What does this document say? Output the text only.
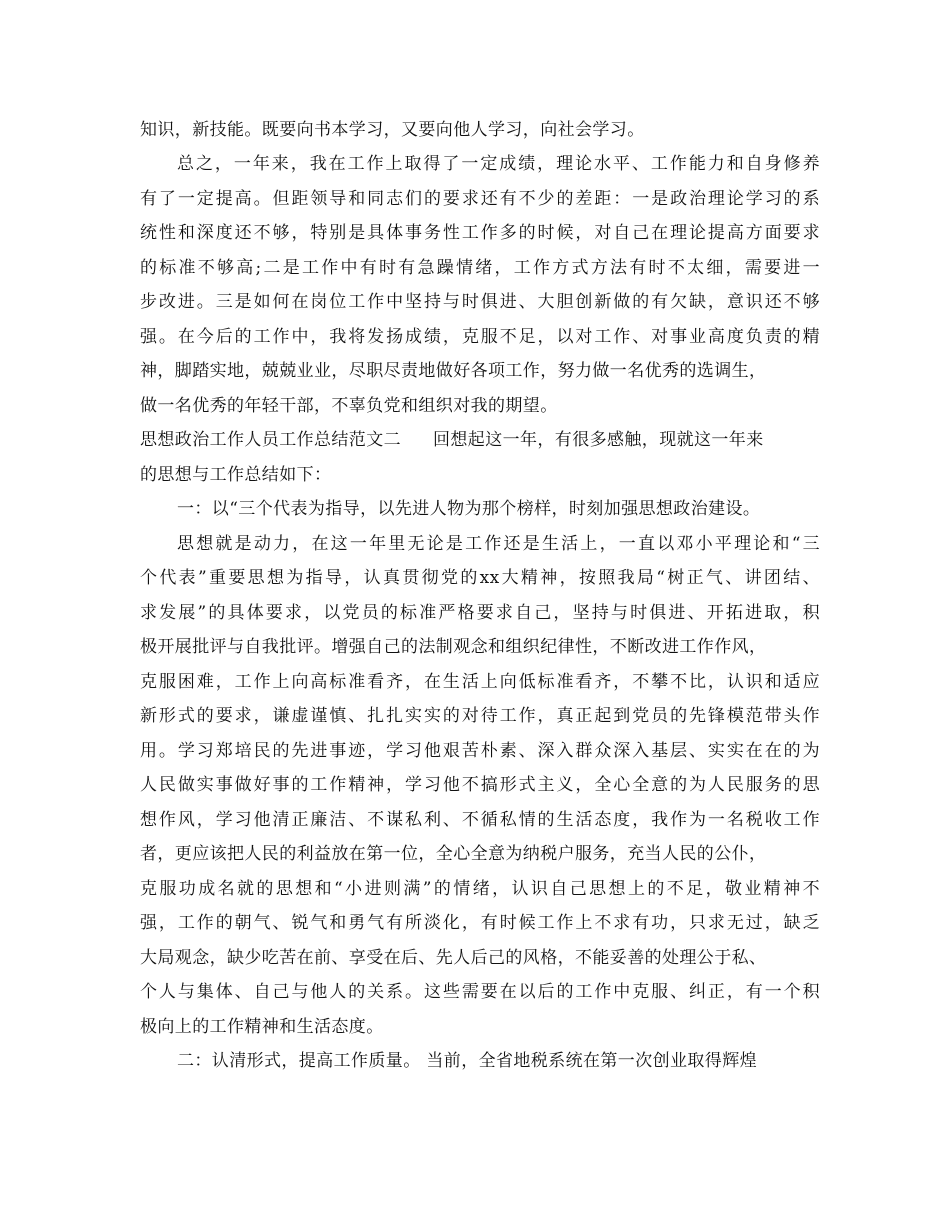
知识，新技能。既要向书本学习，又要向他人学习，向社会学习。

总之，一年来，我在工作上取得了一定成绩，理论水平、工作能力和自身修养

有了一定提高。但距领导和同志们的要求还有不少的差距：一是政治理论学习的系

统性和深度还不够，特别是具体事务性工作多的时候，对自己在理论提高方面要求

的标准不够高;二是工作中有时有急躁情绪，工作方式方法有时不太细，需要进一

步改进。三是如何在岗位工作中坚持与时俱进、大胆创新做的有欠缺，意识还不够

强。在今后的工作中，我将发扬成绩，克服不足，以对工作、对事业高度负责的精

神，脚踏实地，兢兢业业，尽职尽责地做好各项工作，努力做一名优秀的选调生，

做一名优秀的年轻干部，不辜负党和组织对我的期望。

思想政治工作人员工作总结范文二 回想起这一年，有很多感触，现就这一年来

的思想与工作总结如下：

一：以“三个代表为指导，以先进人物为那个榜样，时刻加强思想政治建设。

思想就是动力，在这一年里无论是工作还是生活上，一直以邓小平理论和“三

个代表”重要思想为指导，认真贯彻党的xx大精神，按照我局“树正气、讲团结、

求发展”的具体要求，以党员的标准严格要求自己，坚持与时俱进、开拓进取，积

极开展批评与自我批评。增强自己的法制观念和组织纪律性，不断改进工作作风，

克服困难，工作上向高标准看齐，在生活上向低标准看齐，不攀不比，认识和适应

新形式的要求，谦虚谨慎、扎扎实实的对待工作，真正起到党员的先锋模范带头作

用。学习郑培民的先进事迹，学习他艰苦朴素、深入群众深入基层、实实在在的为

人民做实事做好事的工作精神，学习他不搞形式主义，全心全意的为人民服务的思

想作风，学习他清正廉洁、不谋私利、不循私情的生活态度，我作为一名税收工作

者，更应该把人民的利益放在第一位，全心全意为纳税户服务，充当人民的公仆，

克服功成名就的思想和“小进则满”的情绪，认识自己思想上的不足，敬业精神不

强，工作的朝气、锐气和勇气有所淡化，有时候工作上不求有功，只求无过，缺乏

大局观念，缺少吃苦在前、享受在后、先人后己的风格，不能妥善的处理公于私、

个人与集体、自己与他人的关系。这些需要在以后的工作中克服、纠正，有一个积

极向上的工作精神和生活态度。

二：认清形式，提高工作质量。 当前，全省地税系统在第一次创业取得辉煌
